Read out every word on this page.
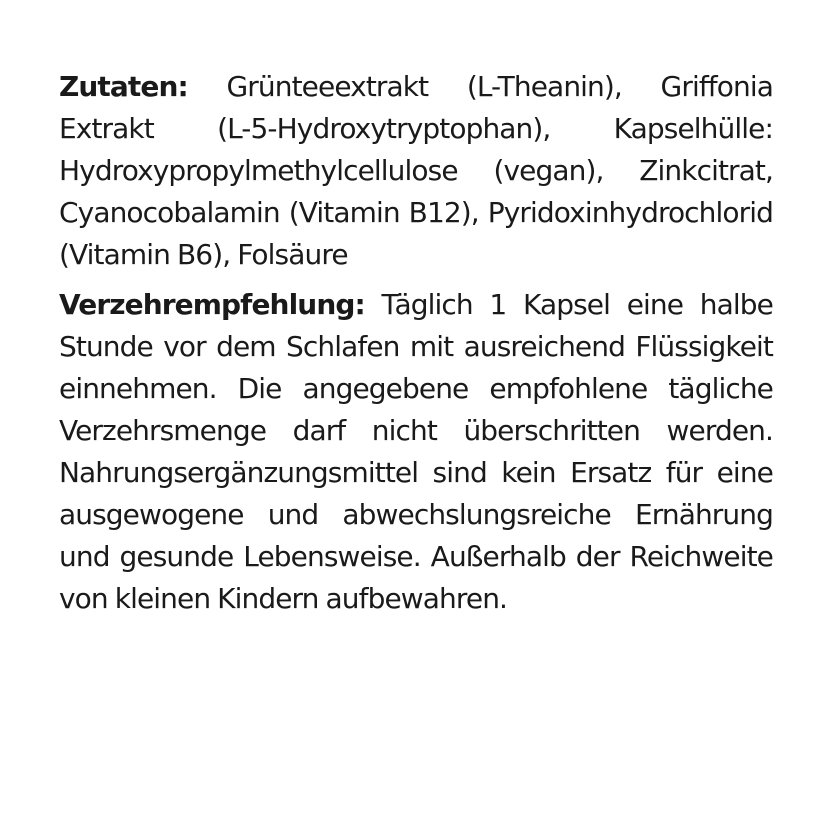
Zutaten: Grünteeextrakt (L-Theanin), Griffonia Extrakt (L-5-Hydroxytryptophan), Kapselhülle: Hydroxypropylmethylcellulose (vegan), Zinkcitrat, Cyanocobalamin (Vitamin B12), Pyridoxinhydrochlorid (Vitamin B6), Folsäure

Verzehrempfehlung: Täglich 1 Kapsel eine halbe Stunde vor dem Schlafen mit ausreichend Flüssigkeit einnehmen. Die angegebene empfohlene tägliche Verzehrsmenge darf nicht überschritten werden. Nahrungsergänzungsmittel sind kein Ersatz für eine ausgewogene und abwechslungsreiche Ernährung und gesunde Lebensweise. Außerhalb der Reichweite von kleinen Kindern aufbewahren.
